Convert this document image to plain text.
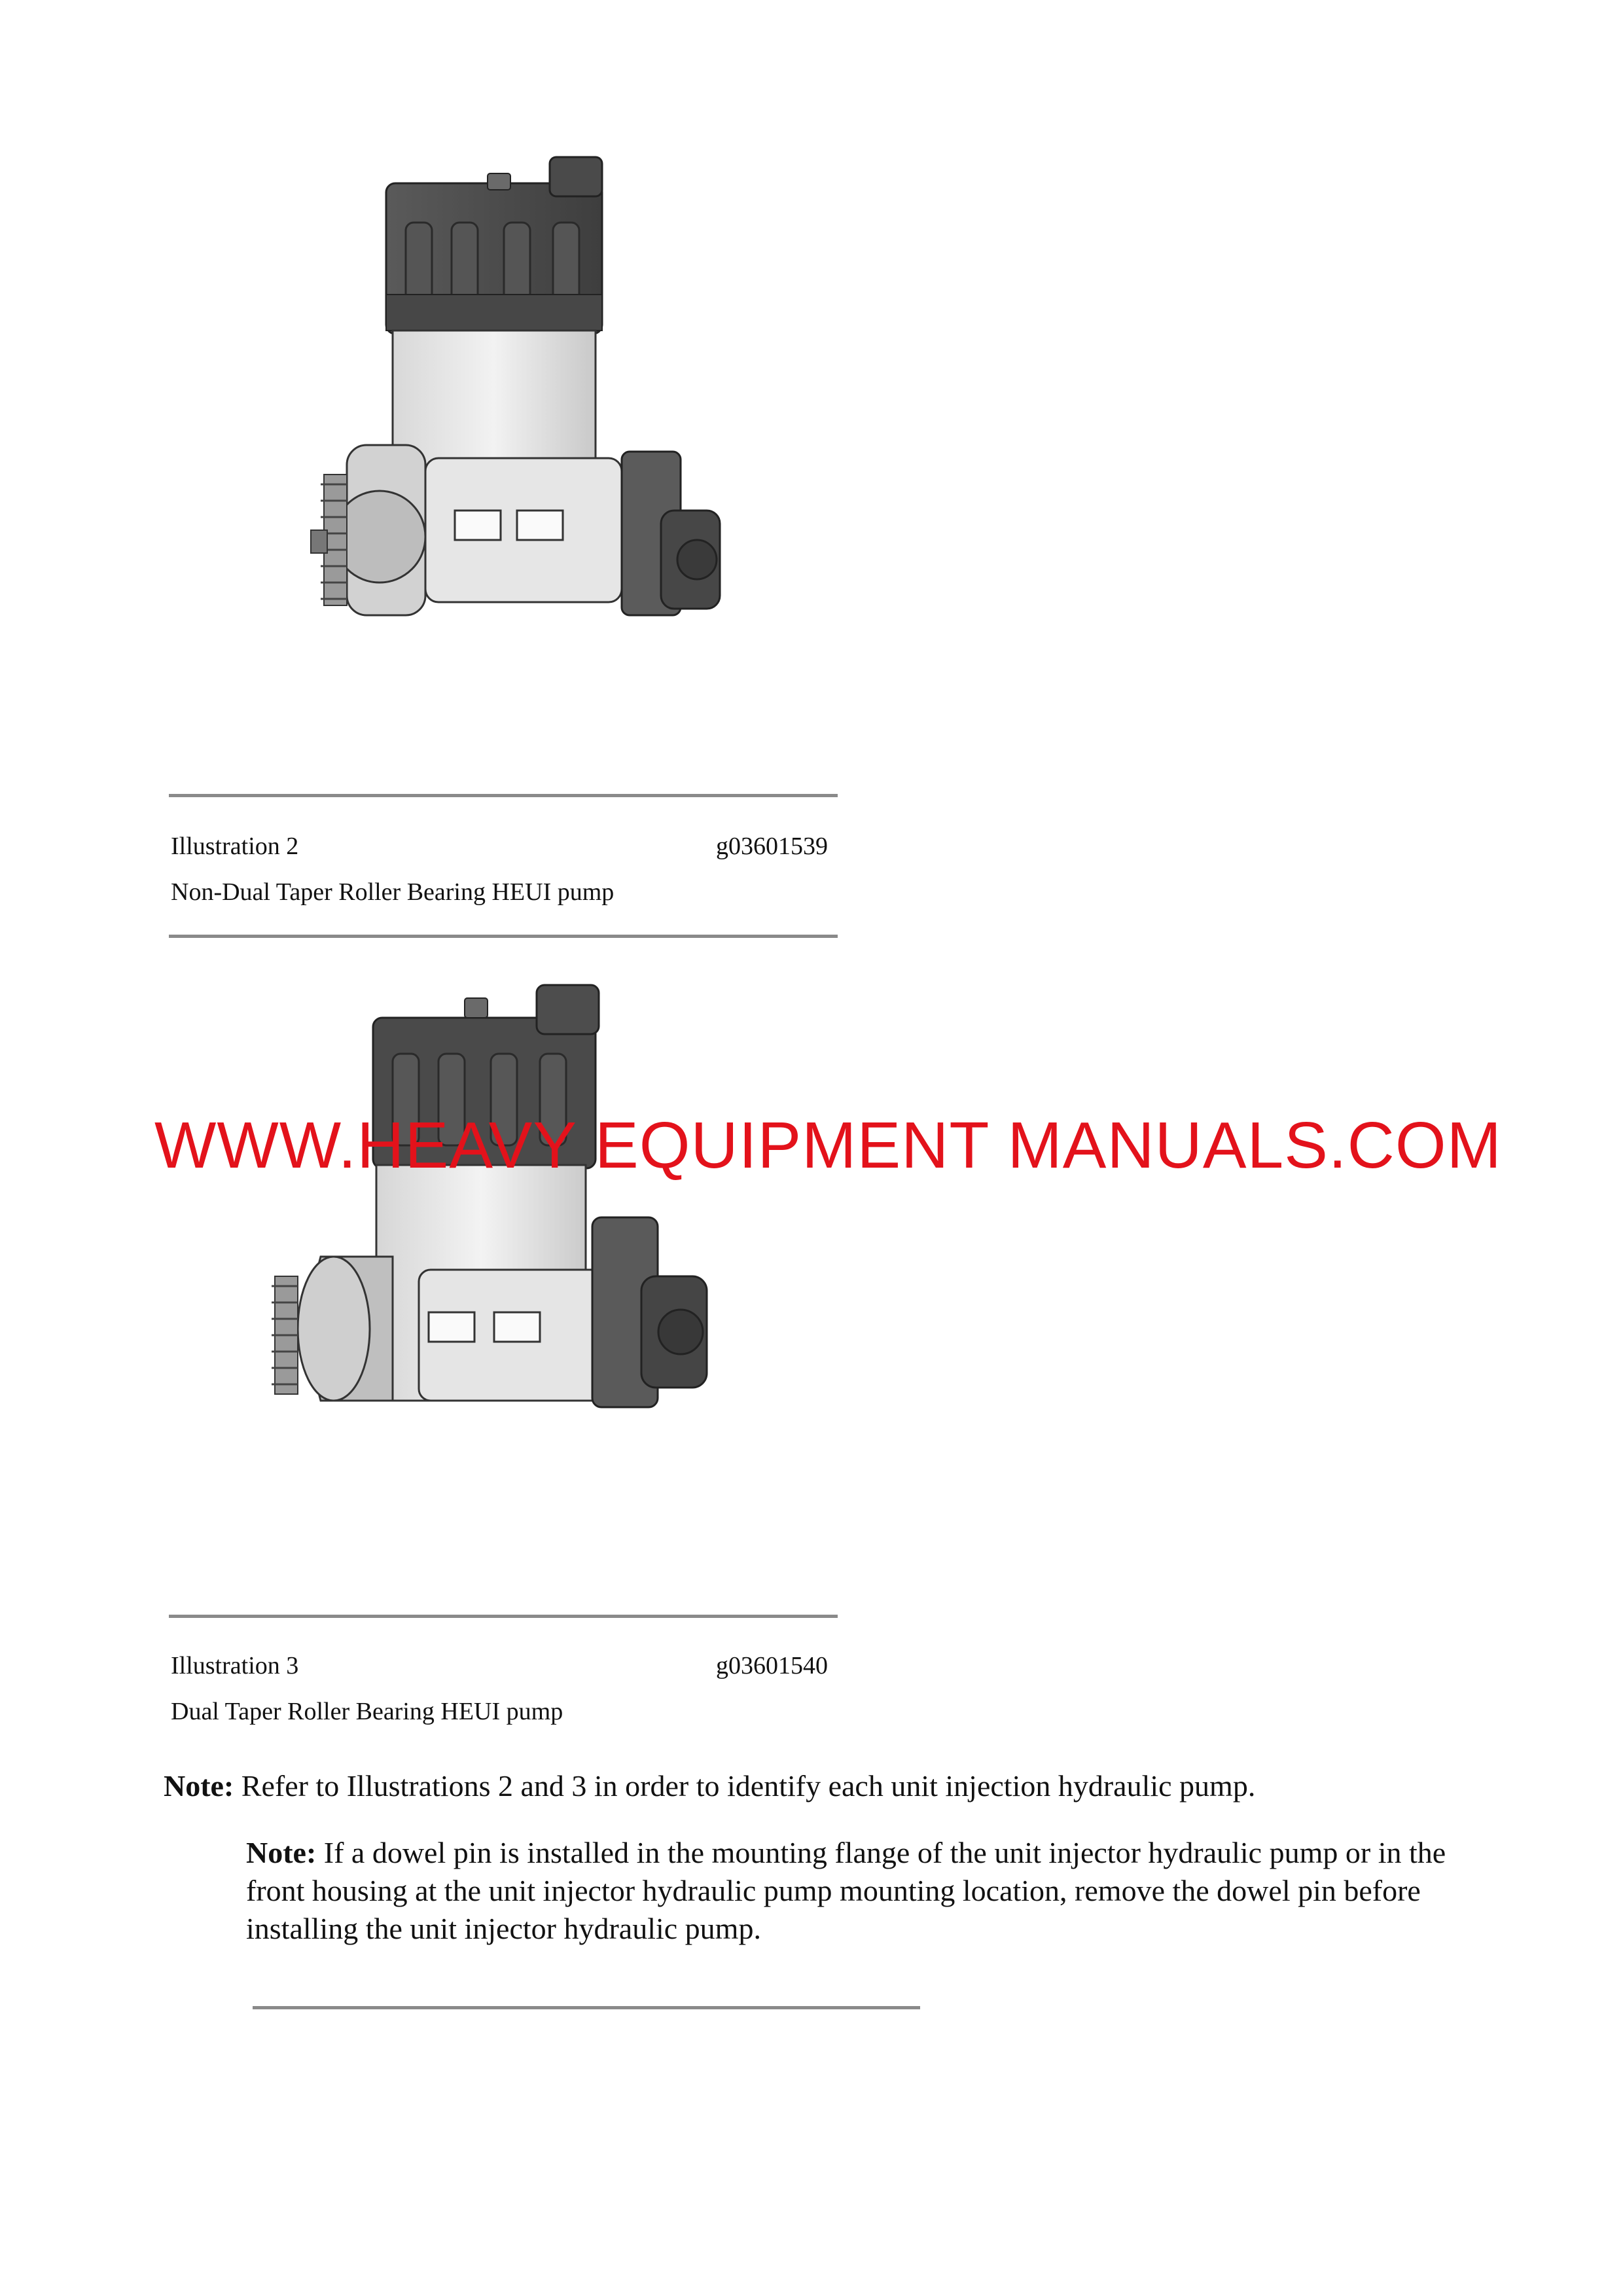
Illustration 2	g03601539
Non-Dual Taper Roller Bearing HEUI pump
Illustration 3	g03601540
Dual Taper Roller Bearing HEUI pump
Note: Refer to Illustrations 2 and 3 in order to identify each unit injection hydraulic pump.
Note: If a dowel pin is installed in the mounting flange of the unit injector hydraulic pump or in the front housing at the unit injector hydraulic pump mounting location, remove the dowel pin before installing the unit injector hydraulic pump.
WWW.HEAVY EQUIPMENT MANUALS.COM
